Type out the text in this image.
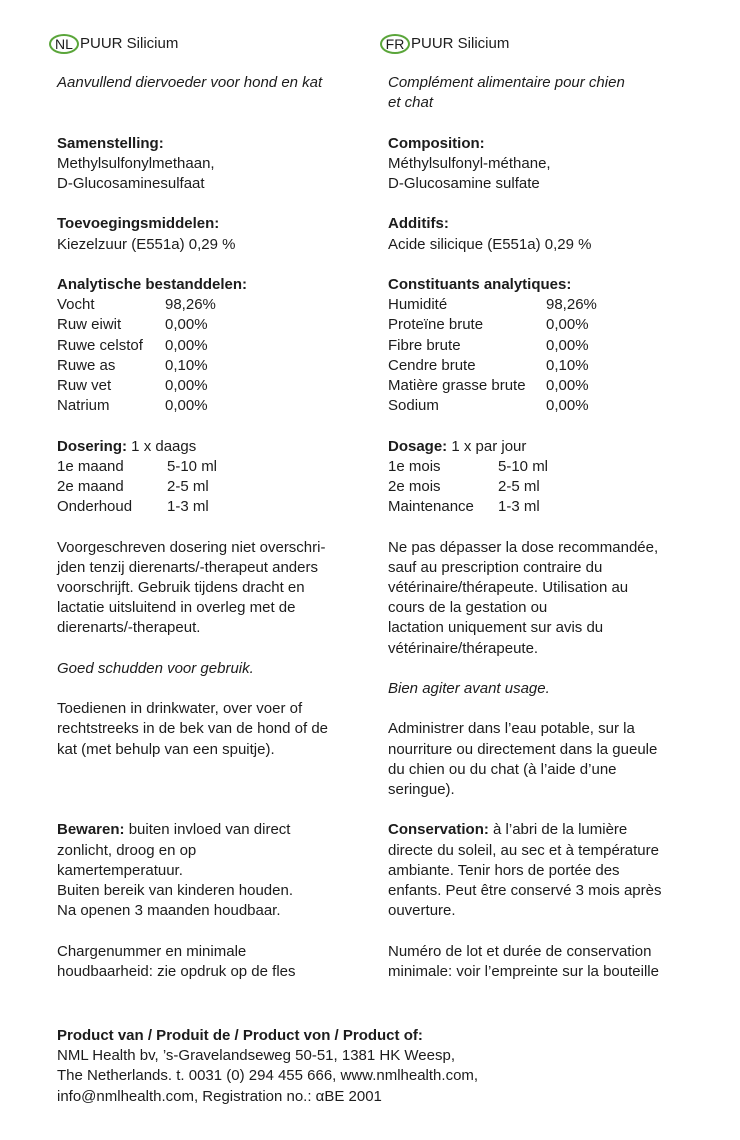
NL PUUR Silicium
Aanvullend diervoeder voor hond en kat
Samenstelling:
Methylsulfonylmethaan,
D-Glucosaminesulfaat
Toevoegingsmiddelen:
Kiezelzuur (E551a) 0,29 %
Analytische bestanddelen:
Vocht	98,26%
Ruw eiwit	0,00%
Ruwe celstof	0,00%
Ruwe as	0,10%
Ruw vet	0,00%
Natrium	0,00%
Dosering: 1 x daags
1e maand	5-10 ml
2e maand	2-5 ml
Onderhoud	1-3 ml
Voorgeschreven dosering niet overschri-
jden tenzij dierenarts/-therapeut anders
voorschrijft. Gebruik tijdens dracht en
lactatie uitsluitend in overleg met de
dierenarts/-therapeut.
Goed schudden voor gebruik.
Toedienen in drinkwater, over voer of
rechtstreeks in de bek van de hond of de
kat (met behulp van een spuitje).
Bewaren: buiten invloed van direct
zonlicht, droog en op
kamertemperatuur.
Buiten bereik van kinderen houden.
Na openen 3 maanden houdbaar.
Chargenummer en minimale
houdbaarheid: zie opdruk op de fles
FR PUUR Silicium
Complément alimentaire pour chien
et chat
Composition:
Méthylsulfonyl-méthane,
D-Glucosamine sulfate
Additifs:
Acide silicique (E551a) 0,29 %
Constituants analytiques:
Humidité	98,26%
Proteïne brute	0,00%
Fibre brute	0,00%
Cendre brute	0,10%
Matière grasse brute	0,00%
Sodium	0,00%
Dosage: 1 x par jour
1e mois	5-10 ml
2e mois	2-5 ml
Maintenance	1-3 ml
Ne pas dépasser la dose recommandée,
sauf au prescription contraire du
vétérinaire/thérapeute. Utilisation au
cours de la gestation ou
lactation uniquement sur avis du
vétérinaire/thérapeute.
Bien agiter avant usage.
Administrer dans l’eau potable, sur la
nourriture ou directement dans la gueule
du chien ou du chat (à l’aide d’une
seringue).
Conservation: à l’abri de la lumière
directe du soleil, au sec et à température
ambiante. Tenir hors de portée des
enfants. Peut être conservé 3 mois après
ouverture.
Numéro de lot et durée de conservation
minimale: voir l’empreinte sur la bouteille
Product van / Produit de / Product von / Product of:
NML Health bv, ’s-Gravelandseweg 50-51, 1381 HK Weesp,
The Netherlands. t. 0031 (0) 294 455 666, www.nmlhealth.com,
info@nmlhealth.com, Registration no.: αBE 2001
